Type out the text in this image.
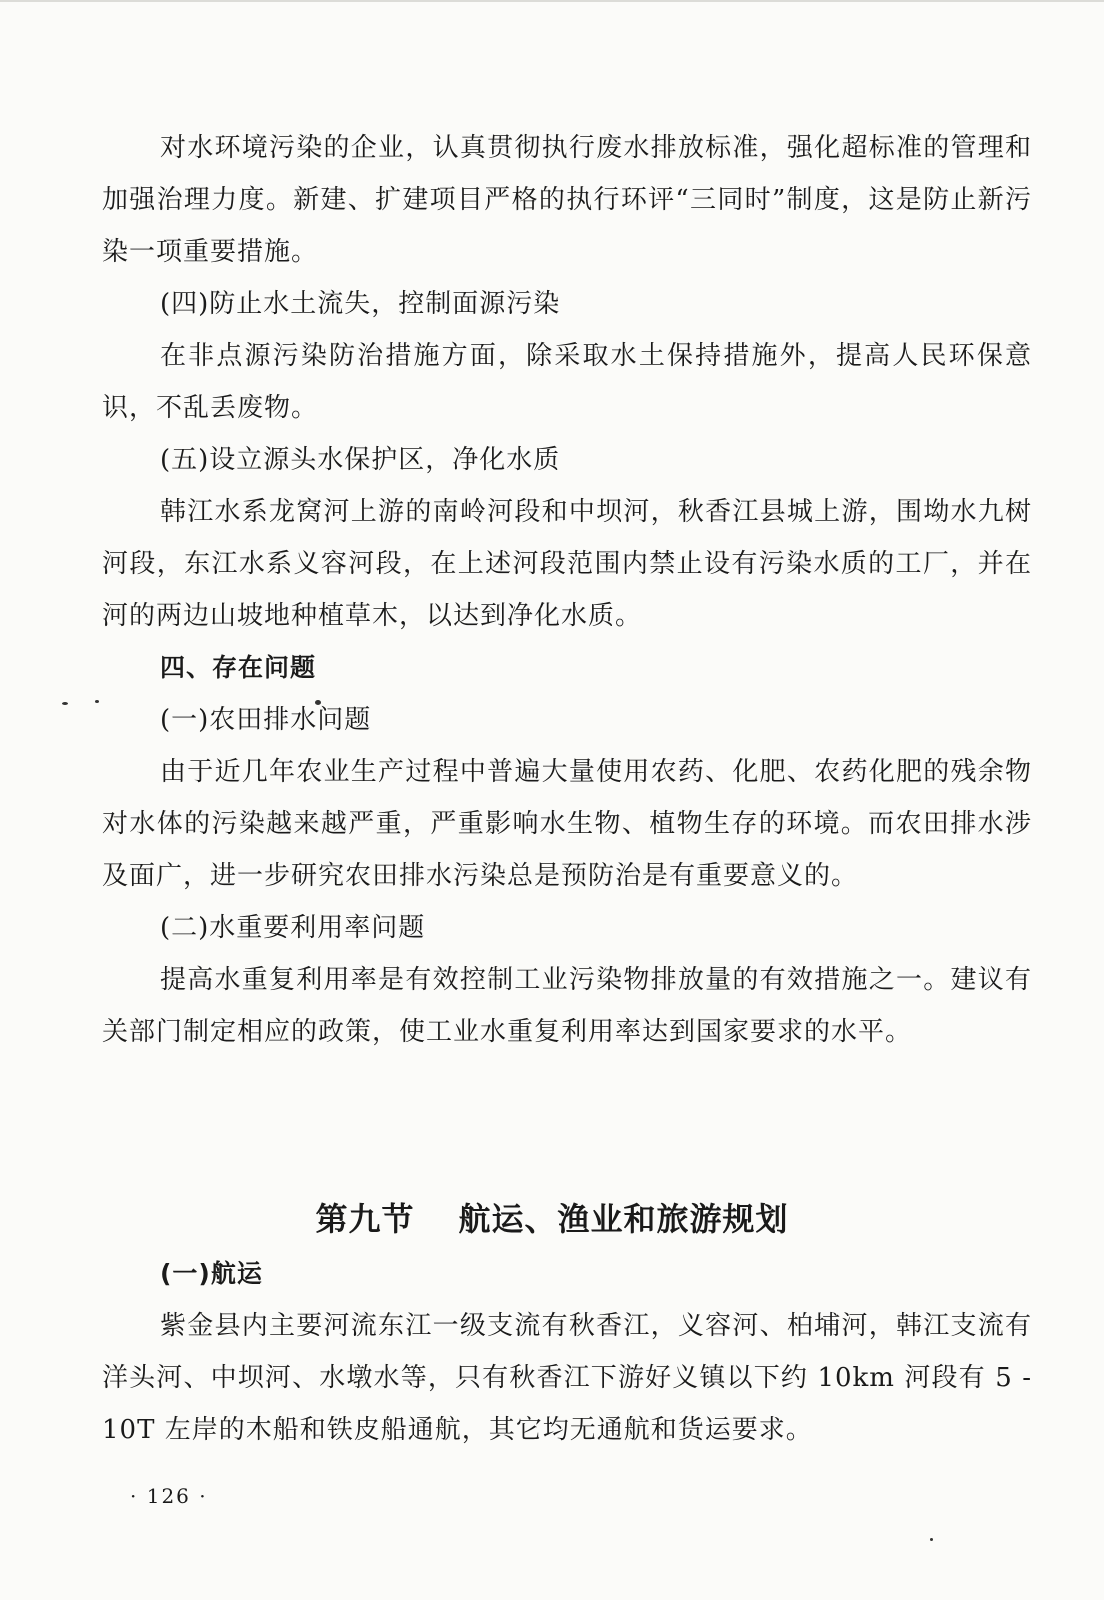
对水环境污染的企业，认真贯彻执行废水排放标准，强化超标准的管理和加强治理力度。新建、扩建项目严格的执行环评“三同时”制度，这是防止新污染一项重要措施。

(四)防止水土流失，控制面源污染

在非点源污染防治措施方面，除采取水土保持措施外，提高人民环保意识，不乱丢废物。

(五)设立源头水保护区，净化水质

韩江水系龙窝河上游的南岭河段和中坝河，秋香江县城上游，围坳水九树河段，东江水系义容河段，在上述河段范围内禁止设有污染水质的工厂，并在河的两边山坡地种植草木，以达到净化水质。

四、存在问题

(一)农田排水问题

由于近几年农业生产过程中普遍大量使用农药、化肥、农药化肥的残余物对水体的污染越来越严重，严重影响水生物、植物生存的环境。而农田排水涉及面广，进一步研究农田排水污染总是预防治是有重要意义的。

(二)水重要利用率问题

提高水重复利用率是有效控制工业污染物排放量的有效措施之一。建议有关部门制定相应的政策，使工业水重复利用率达到国家要求的水平。

第九节 航运、渔业和旅游规划

(一)航运

紫金县内主要河流东江一级支流有秋香江，义容河、柏埔河，韩江支流有洋头河、中坝河、水墩水等，只有秋香江下游好义镇以下约 10km 河段有 5 - 10T 左岸的木船和铁皮船通航，其它均无通航和货运要求。

· 126 ·
